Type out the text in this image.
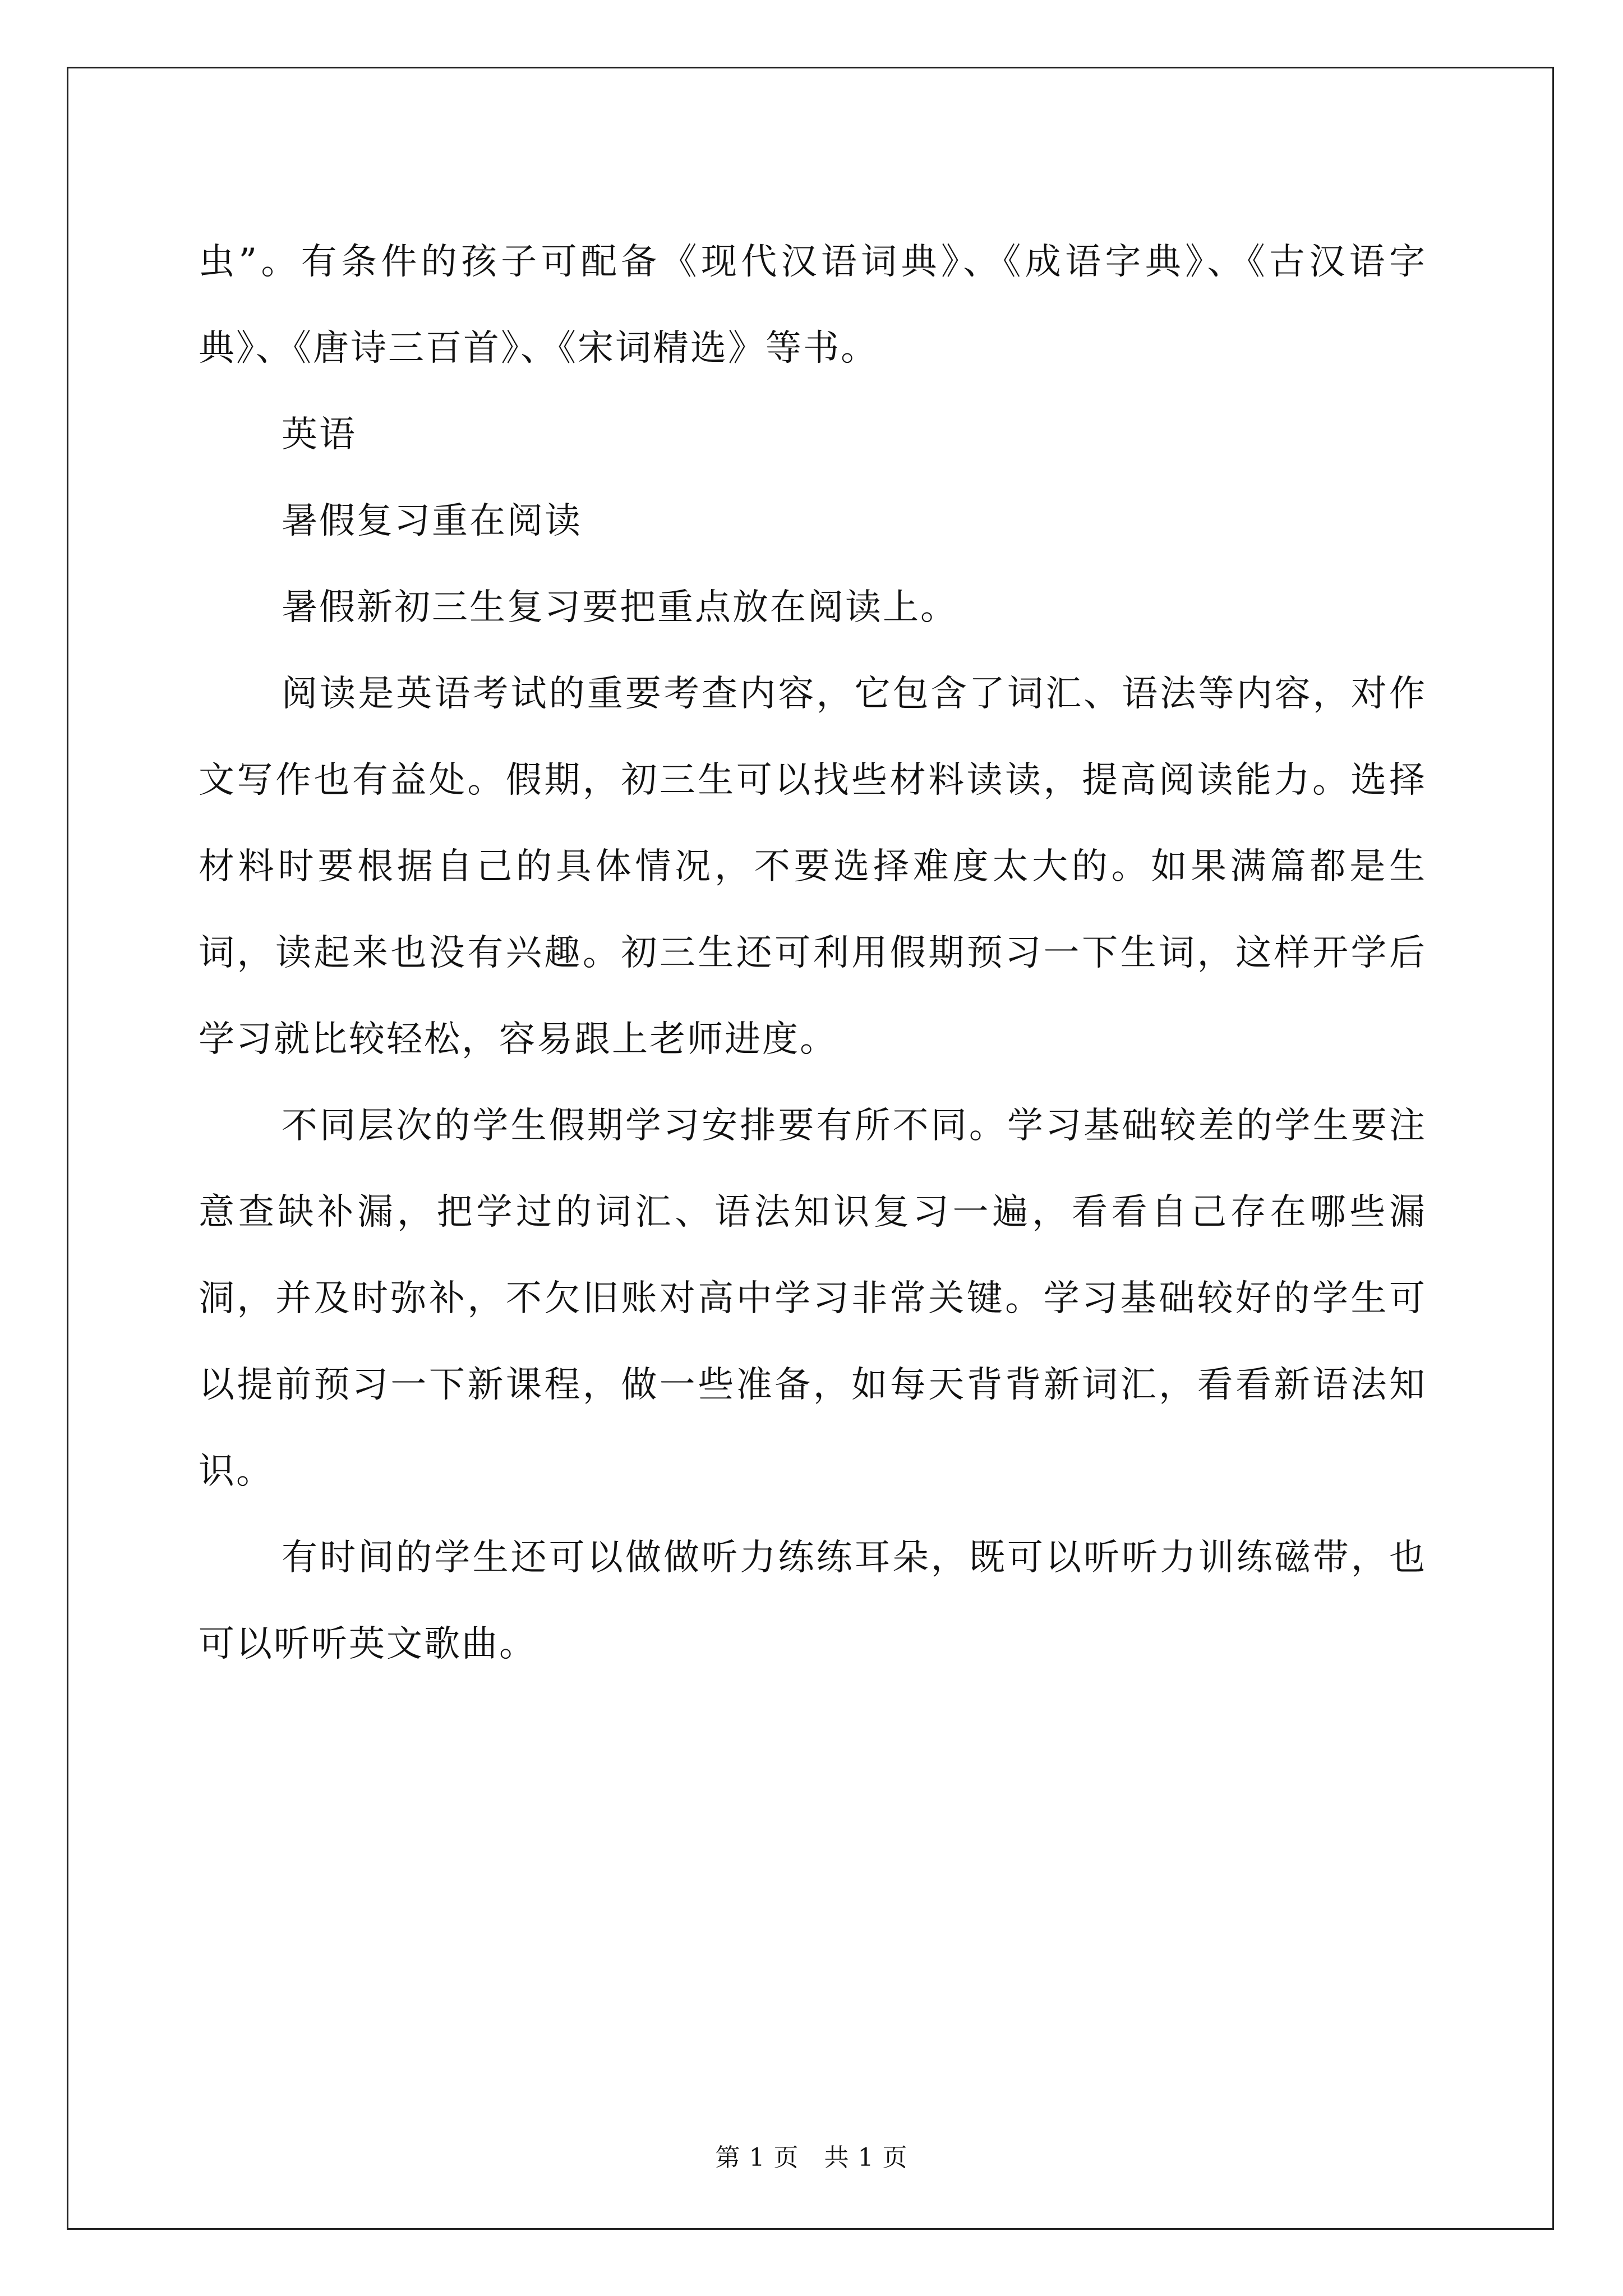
虫”。有条件的孩子可配备《现代汉语词典》、《成语字典》、《古汉语字典》、《唐诗三百首》、《宋词精选》等书。

英语

暑假复习重在阅读

暑假新初三生复习要把重点放在阅读上。

阅读是英语考试的重要考查内容，它包含了词汇、语法等内容，对作文写作也有益处。假期，初三生可以找些材料读读，提高阅读能力。选择材料时要根据自己的具体情况，不要选择难度太大的。如果满篇都是生词，读起来也没有兴趣。初三生还可利用假期预习一下生词，这样开学后学习就比较轻松，容易跟上老师进度。

不同层次的学生假期学习安排要有所不同。学习基础较差的学生要注意查缺补漏，把学过的词汇、语法知识复习一遍，看看自己存在哪些漏洞，并及时弥补，不欠旧账对高中学习非常关键。学习基础较好的学生可以提前预习一下新课程，做一些准备，如每天背背新词汇，看看新语法知识。

有时间的学生还可以做做听力练练耳朵，既可以听听力训练磁带，也可以听听英文歌曲。

第 1 页 共 1 页
